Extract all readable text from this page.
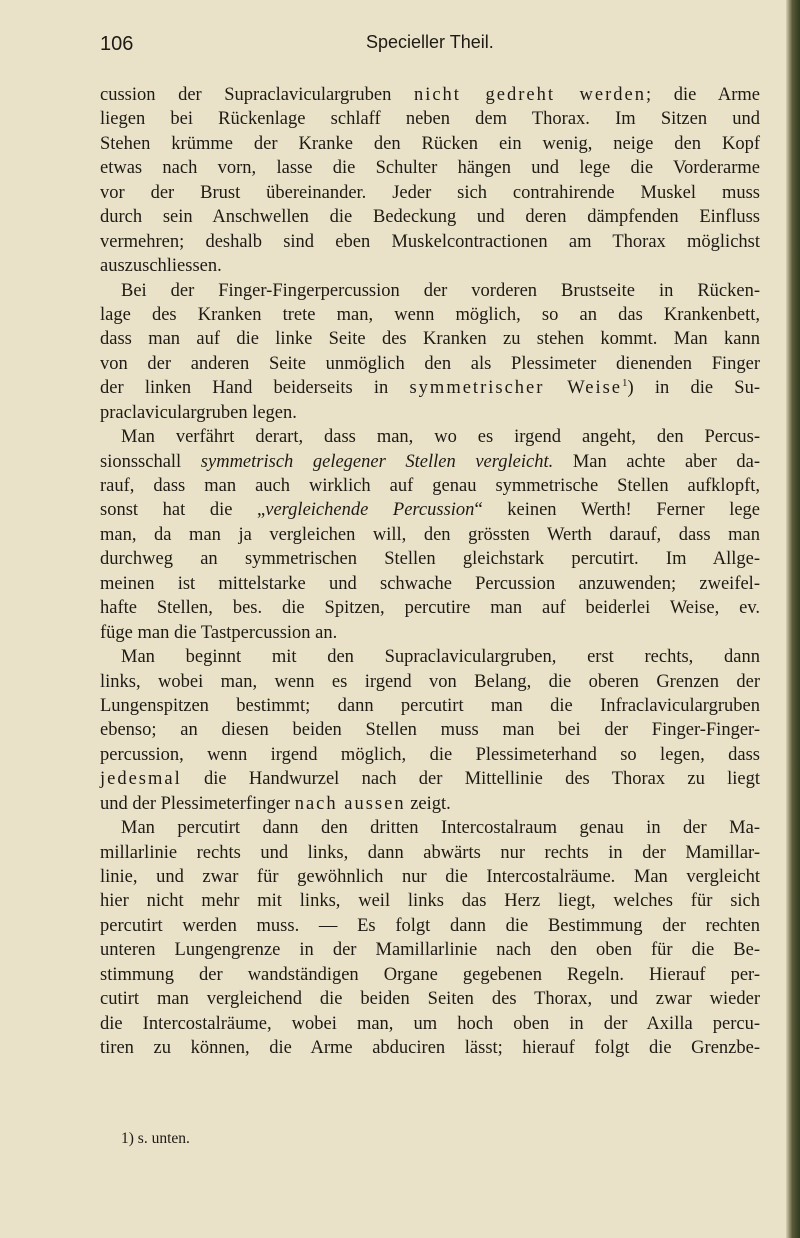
106	Specieller Theil.
cussion der Supraclaviculargruben nicht gedreht werden; die Arme
liegen bei Rückenlage schlaff neben dem Thorax. Im Sitzen und
Stehen krümme der Kranke den Rücken ein wenig, neige den Kopf
etwas nach vorn, lasse die Schulter hängen und lege die Vorderarme
vor der Brust übereinander. Jeder sich contrahirende Muskel muss
durch sein Anschwellen die Bedeckung und deren dämpfenden Einfluss
vermehren; deshalb sind eben Muskelcontractionen am Thorax möglichst
auszuschliessen.
Bei der Finger-Fingerpercussion der vorderen Brustseite in Rücken-
lage des Kranken trete man, wenn möglich, so an das Krankenbett,
dass man auf die linke Seite des Kranken zu stehen kommt. Man kann
von der anderen Seite unmöglich den als Plessimeter dienenden Finger
der linken Hand beiderseits in symmetrischer Weise$^1$) in die Su-
praclaviculargruben legen.
Man verfährt derart, dass man, wo es irgend angeht, den Percus-
sionsschall symmetrisch gelegener Stellen vergleicht. Man achte aber da-
rauf, dass man auch wirklich auf genau symmetrische Stellen aufklopft,
sonst hat die „vergleichende Percussion“ keinen Werth! Ferner lege
man, da man ja vergleichen will, den grössten Werth darauf, dass man
durchweg an symmetrischen Stellen gleichstark percutirt. Im Allge-
meinen ist mittelstarke und schwache Percussion anzuwenden; zweifel-
hafte Stellen, bes. die Spitzen, percutire man auf beiderlei Weise, ev.
füge man die Tastpercussion an.
Man beginnt mit den Supraclaviculargruben, erst rechts, dann
links, wobei man, wenn es irgend von Belang, die oberen Grenzen der
Lungenspitzen bestimmt; dann percutirt man die Infraclaviculargruben
ebenso; an diesen beiden Stellen muss man bei der Finger-Finger-
percussion, wenn irgend möglich, die Plessimeterhand so legen, dass
jedesmal die Handwurzel nach der Mittellinie des Thorax zu liegt
und der Plessimeterfinger nach aussen zeigt.
Man percutirt dann den dritten Intercostalraum genau in der Ma-
millarlinie rechts und links, dann abwärts nur rechts in der Mamillar-
linie, und zwar für gewöhnlich nur die Intercostalräume. Man vergleicht
hier nicht mehr mit links, weil links das Herz liegt, welches für sich
percutirt werden muss. — Es folgt dann die Bestimmung der rechten
unteren Lungengrenze in der Mamillarlinie nach den oben für die Be-
stimmung der wandständigen Organe gegebenen Regeln. Hierauf per-
cutirt man vergleichend die beiden Seiten des Thorax, und zwar wieder
die Intercostalräume, wobei man, um hoch oben in der Axilla percu-
tiren zu können, die Arme abduciren lässt; hierauf folgt die Grenzbe-
1) s. unten.
